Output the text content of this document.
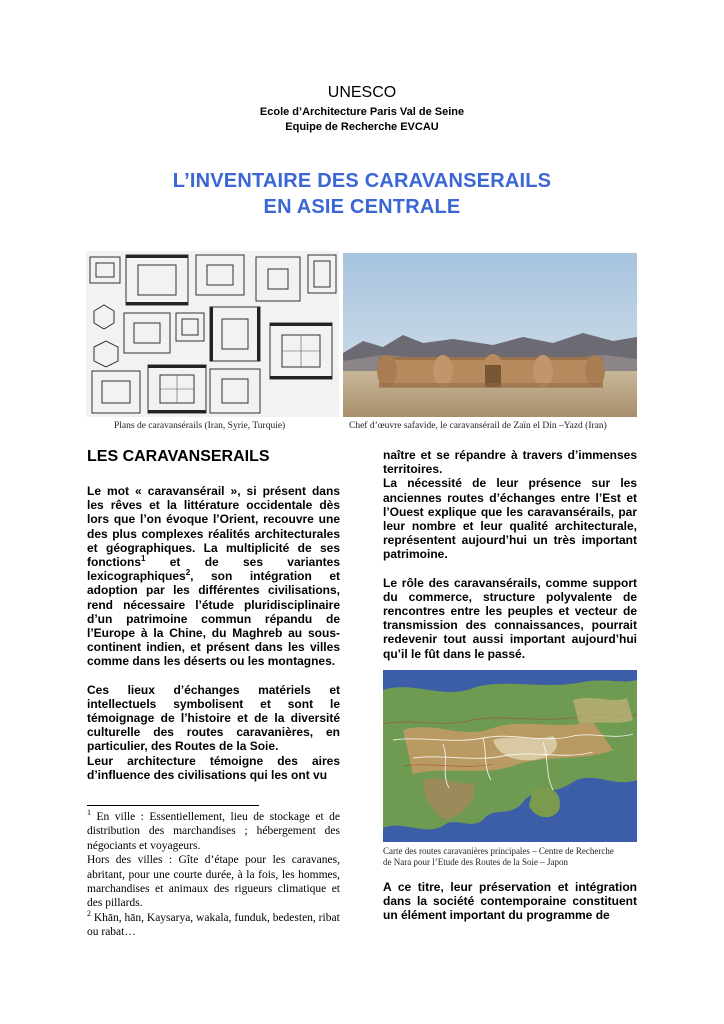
UNESCO
Ecole d’Architecture Paris Val de Seine
Equipe de Recherche EVCAU
L’INVENTAIRE DES CARAVANSERAILS
EN ASIE CENTRALE
Plans de caravansérails (Iran, Syrie, Turquie)	Chef d’œuvre safavide, le caravansérail de Zaïn el Din –Yazd (Iran)
LES CARAVANSERAILS

Le mot « caravansérail », si présent dans les rêves et la littérature occidentale dès lors que l’on évoque l’Orient, recouvre une des plus complexes réalités architecturales et géographiques. La multiplicité de ses fonctions$^1$ et de ses variantes lexicographiques$^2$, son intégration et adoption par les différentes civilisations, rend nécessaire l’étude pluridisciplinaire d’un patrimoine commun répandu de l’Europe à la Chine, du Maghreb au sous-continent indien, et présent dans les villes comme dans les déserts ou les montagnes.

Ces lieux d’échanges matériels et intellectuels symbolisent et sont le témoignage de l’histoire et de la diversité culturelle des routes caravanières, en particulier, des Routes de la Soie.

Leur architecture témoigne des aires d’influence des civilisations qui les ont vu

$^1$ En ville : Essentiellement, lieu de stockage et de distribution des marchandises ; hébergement des négociants et voyageurs.

Hors des villes : Gîte d’étape pour les caravanes, abritant, pour une courte durée, à la fois, les hommes, marchandises et animaux des rigueurs climatique et des pillards.

$^2$ Khān, hān, Kaysarya, wakala, funduk, bedesten, ribat ou rabat…

naître et se répandre à travers d’immenses territoires.

La nécessité de leur présence sur les anciennes routes d’échanges entre l’Est et l’Ouest explique que les caravansérails, par leur nombre et leur qualité architecturale, représentent aujourd’hui un très important patrimoine.

Le rôle des caravansérails, comme support du commerce, structure polyvalente de rencontres entre les peuples et vecteur de transmission des connaissances, pourrait redevenir tout aussi important aujourd’hui qu’il le fût dans le passé.

Carte des routes caravanières principales – Centre de Recherche
de Nara pour l’Etude des Routes de la Soie – Japon
A ce titre, leur préservation et intégration dans la société contemporaine constituent un élément important du programme de
